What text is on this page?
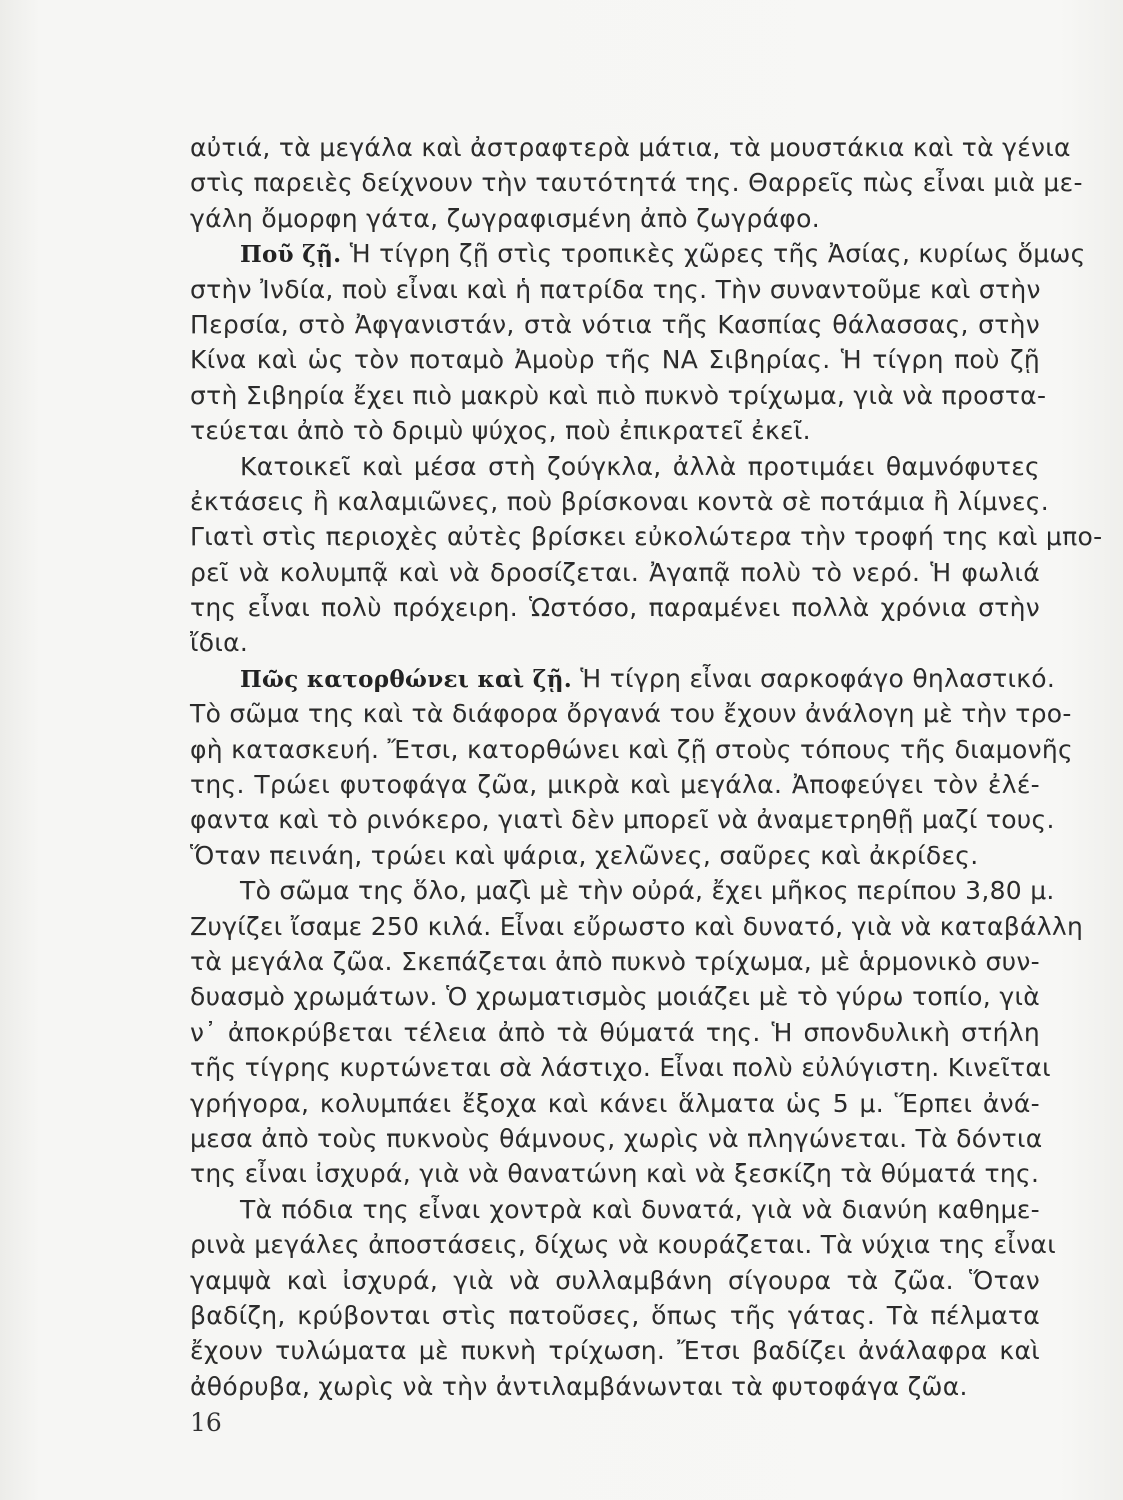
αὐτιά, τὰ μεγάλα καὶ ἀστραφτερὰ μάτια, τὰ μουστάκια καὶ τὰ γένια
στὶς παρειὲς δείχνουν τὴν ταυτότητά της. Θαρρεῖς πὼς εἶναι μιὰ με-
γάλη ὄμορφη γάτα, ζωγραφισμένη ἀπὸ ζωγράφο.
Ποῦ ζῇ. Ἡ τίγρη ζῇ στὶς τροπικὲς χῶρες τῆς Ἀσίας, κυρίως ὅμως
στὴν Ἰνδία, ποὺ εἶναι καὶ ἡ πατρίδα της. Τὴν συναντοῦμε καὶ στὴν
Περσία, στὸ Ἀφγανιστάν, στὰ νότια τῆς Κασπίας θάλασσας, στὴν
Κίνα καὶ ὡς τὸν ποταμὸ Ἀμοὺρ τῆς ΝΑ Σιβηρίας. Ἡ τίγρη ποὺ ζῇ
στὴ Σιβηρία ἔχει πιὸ μακρὺ καὶ πιὸ πυκνὸ τρίχωμα, γιὰ νὰ προστα-
τεύεται ἀπὸ τὸ δριμὺ ψύχος, ποὺ ἐπικρατεῖ ἐκεῖ.
Κατοικεῖ καὶ μέσα στὴ ζούγκλα, ἀλλὰ προτιμάει θαμνόφυτες
ἐκτάσεις ἢ καλαμιῶνες, ποὺ βρίσκοναι κοντὰ σὲ ποτάμια ἢ λίμνες.
Γιατὶ στὶς περιοχὲς αὐτὲς βρίσκει εὐκολώτερα τὴν τροφή της καὶ μπο-
ρεῖ νὰ κολυμπᾷ καὶ νὰ δροσίζεται. Ἀγαπᾷ πολὺ τὸ νερό. Ἡ φωλιά
της εἶναι πολὺ πρόχειρη. Ὡστόσο, παραμένει πολλὰ χρόνια στὴν
ἴδια.
Πῶς κατορθώνει καὶ ζῇ. Ἡ τίγρη εἶναι σαρκοφάγο θηλαστικό.
Τὸ σῶμα της καὶ τὰ διάφορα ὄργανά του ἔχουν ἀνάλογη μὲ τὴν τρο-
φὴ κατασκευή. Ἔτσι, κατορθώνει καὶ ζῇ στοὺς τόπους τῆς διαμονῆς
της. Τρώει φυτοφάγα ζῶα, μικρὰ καὶ μεγάλα. Ἀποφεύγει τὸν ἐλέ-
φαντα καὶ τὸ ρινόκερο, γιατὶ δὲν μπορεῖ νὰ ἀναμετρηθῇ μαζί τους.
Ὅταν πεινάη, τρώει καὶ ψάρια, χελῶνες, σαῦρες καὶ ἀκρίδες.
Τὸ σῶμα της ὅλο, μαζὶ μὲ τὴν οὐρά, ἔχει μῆκος περίπου 3,80 μ.
Ζυγίζει ἴσαμε 250 κιλά. Εἶναι εὔρωστο καὶ δυνατό, γιὰ νὰ καταβάλλη
τὰ μεγάλα ζῶα. Σκεπάζεται ἀπὸ πυκνὸ τρίχωμα, μὲ ἁρμονικὸ συν-
δυασμὸ χρωμάτων. Ὁ χρωματισμὸς μοιάζει μὲ τὸ γύρω τοπίο, γιὰ
ν᾽ ἀποκρύβεται τέλεια ἀπὸ τὰ θύματά της. Ἡ σπονδυλικὴ στήλη
τῆς τίγρης κυρτώνεται σὰ λάστιχο. Εἶναι πολὺ εὐλύγιστη. Κινεῖται
γρήγορα, κολυμπάει ἔξοχα καὶ κάνει ἅλματα ὡς 5 μ. Ἕρπει ἀνά-
μεσα ἀπὸ τοὺς πυκνοὺς θάμνους, χωρὶς νὰ πληγώνεται. Τὰ δόντια
της εἶναι ἰσχυρά, γιὰ νὰ θανατώνη καὶ νὰ ξεσκίζη τὰ θύματά της.
Τὰ πόδια της εἶναι χοντρὰ καὶ δυνατά, γιὰ νὰ διανύη καθημε-
ρινὰ μεγάλες ἀποστάσεις, δίχως νὰ κουράζεται. Τὰ νύχια της εἶναι
γαμψὰ καὶ ἰσχυρά, γιὰ νὰ συλλαμβάνη σίγουρα τὰ ζῶα. Ὅταν
βαδίζη, κρύβονται στὶς πατοῦσες, ὅπως τῆς γάτας. Τὰ πέλματα
ἔχουν τυλώματα μὲ πυκνὴ τρίχωση. Ἔτσι βαδίζει ἀνάλαφρα καὶ
ἀθόρυβα, χωρὶς νὰ τὴν ἀντιλαμβάνωνται τὰ φυτοφάγα ζῶα.
16
